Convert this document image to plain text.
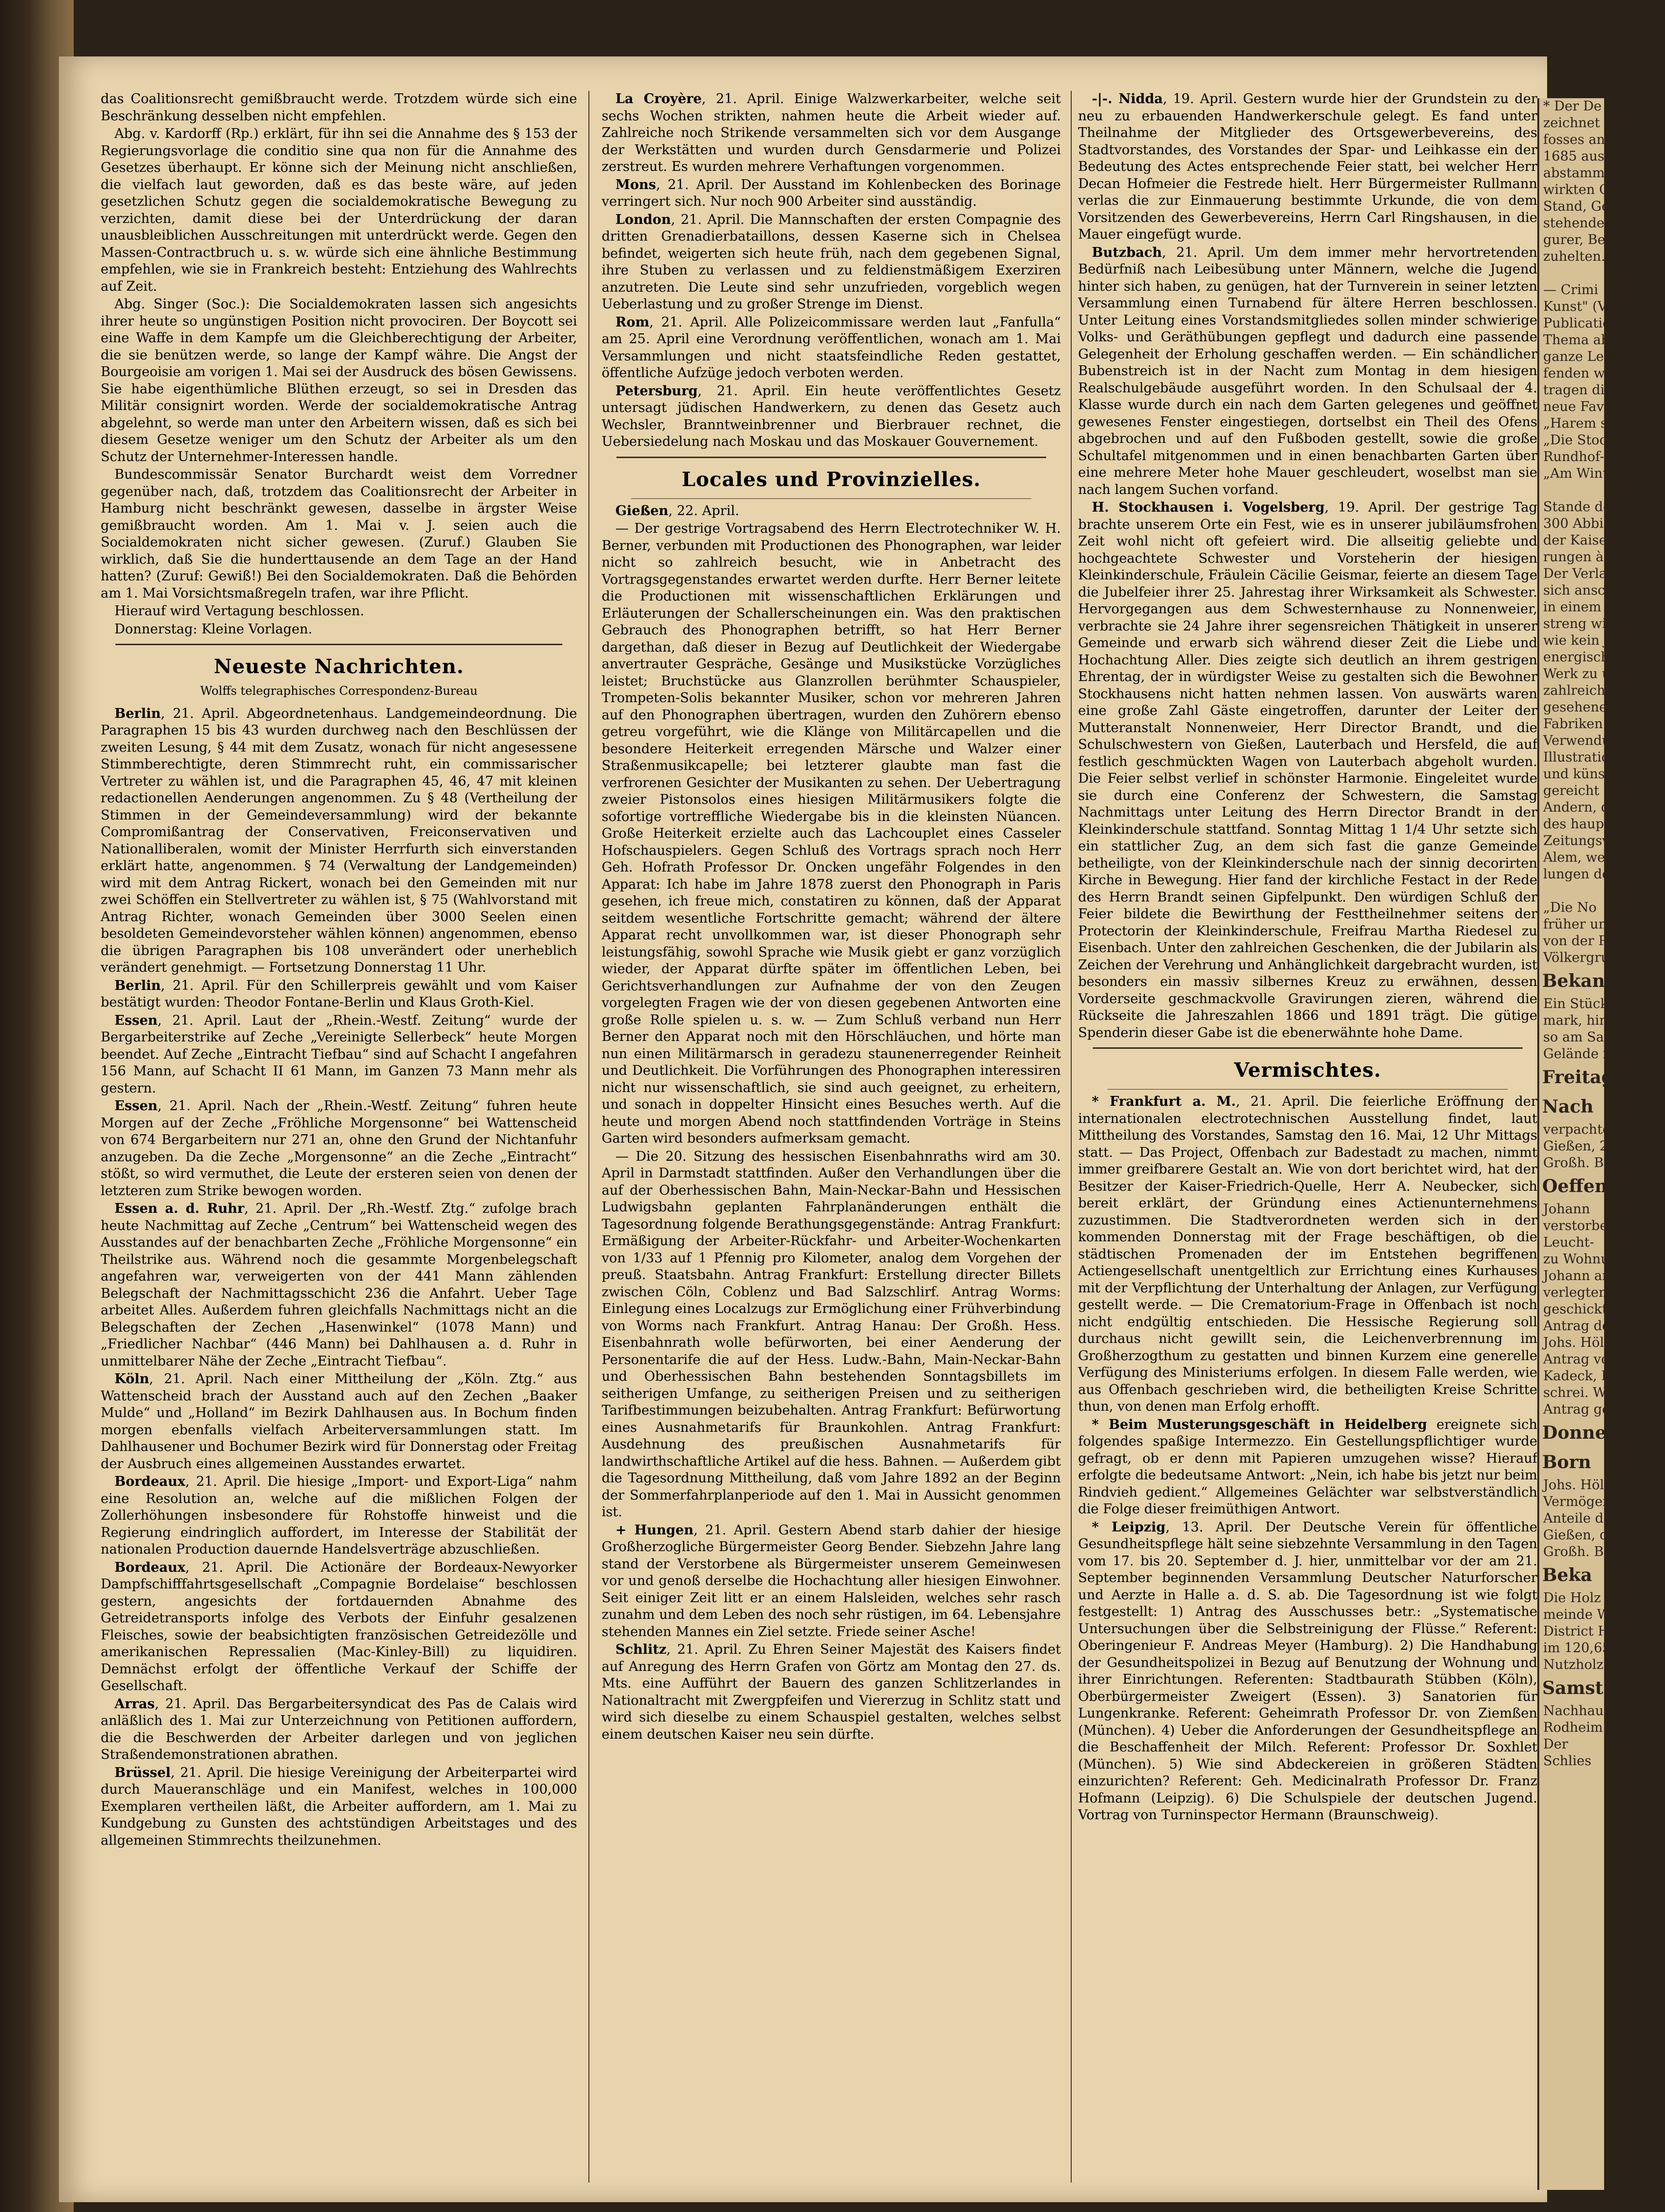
das Coalitionsrecht gemißbraucht werde. Trotzdem würde sich eine Beschränkung desselben nicht empfehlen.

Abg. v. Kardorff (Rp.) erklärt, für ihn sei die Annahme des § 153 der Regierungsvorlage die conditio sine qua non für die Annahme des Gesetzes überhaupt. Er könne sich der Meinung nicht anschließen, die vielfach laut geworden, daß es das beste wäre, auf jeden gesetzlichen Schutz gegen die socialdemokratische Bewegung zu verzichten, damit diese bei der Unterdrückung der daran unausbleiblichen Ausschreitungen mit unterdrückt werde. Gegen den Massen-Contractbruch u. s. w. würde sich eine ähnliche Bestimmung empfehlen, wie sie in Frankreich besteht: Entziehung des Wahlrechts auf Zeit.

Abg. Singer (Soc.): Die Socialdemokraten lassen sich angesichts ihrer heute so ungünstigen Position nicht provociren. Der Boycott sei eine Waffe in dem Kampfe um die Gleichberechtigung der Arbeiter, die sie benützen werde, so lange der Kampf währe. Die Angst der Bourgeoisie am vorigen 1. Mai sei der Ausdruck des bösen Gewissens. Sie habe eigenthümliche Blüthen erzeugt, so sei in Dresden das Militär consignirt worden. Werde der socialdemokratische Antrag abgelehnt, so werde man unter den Arbeitern wissen, daß es sich bei diesem Gesetze weniger um den Schutz der Arbeiter als um den Schutz der Unternehmer-Interessen handle.

Bundescommissär Senator Burchardt weist dem Vorredner gegenüber nach, daß, trotzdem das Coalitionsrecht der Arbeiter in Hamburg nicht beschränkt gewesen, dasselbe in ärgster Weise gemißbraucht worden. Am 1. Mai v. J. seien auch die Socialdemokraten nicht sicher gewesen. (Zuruf.) Glauben Sie wirklich, daß Sie die hunderttausende an dem Tage an der Hand hatten? (Zuruf: Gewiß!) Bei den Socialdemokraten. Daß die Behörden am 1. Mai Vorsichtsmaßregeln trafen, war ihre Pflicht.

Hierauf wird Vertagung beschlossen.

Donnerstag: Kleine Vorlagen.

Neueste Nachrichten.
Wolffs telegraphisches Correspondenz-Bureau

Berlin, 21. April. Abgeordnetenhaus. Landgemeindeordnung. Die Paragraphen 15 bis 43 wurden durchweg nach den Beschlüssen der zweiten Lesung, § 44 mit dem Zusatz, wonach für nicht angesessene Stimmberechtigte, deren Stimmrecht ruht, ein commissarischer Vertreter zu wählen ist, und die Paragraphen 45, 46, 47 mit kleinen redactionellen Aenderungen angenommen. Zu § 48 (Vertheilung der Stimmen in der Gemeindeversammlung) wird der bekannte Compromißantrag der Conservativen, Freiconservativen und Nationalliberalen, womit der Minister Herrfurth sich einverstanden erklärt hatte, angenommen. § 74 (Verwaltung der Landgemeinden) wird mit dem Antrag Rickert, wonach bei den Gemeinden mit nur zwei Schöffen ein Stellvertreter zu wählen ist, § 75 (Wahlvorstand mit Antrag Richter, wonach Gemeinden über 3000 Seelen einen besoldeten Gemeindevorsteher wählen können) angenommen, ebenso die übrigen Paragraphen bis 108 unverändert oder unerheblich verändert genehmigt. — Fortsetzung Donnerstag 11 Uhr.

Berlin, 21. April. Für den Schillerpreis gewählt und vom Kaiser bestätigt wurden: Theodor Fontane-Berlin und Klaus Groth-Kiel.

Essen, 21. April. Laut der „Rhein.-Westf. Zeitung“ wurde der Bergarbeiterstrike auf Zeche „Vereinigte Sellerbeck“ heute Morgen beendet. Auf Zeche „Eintracht Tiefbau“ sind auf Schacht I angefahren 156 Mann, auf Schacht II 61 Mann, im Ganzen 73 Mann mehr als gestern.

Essen, 21. April. Nach der „Rhein.-Westf. Zeitung“ fuhren heute Morgen auf der Zeche „Fröhliche Morgensonne“ bei Wattenscheid von 674 Bergarbeitern nur 271 an, ohne den Grund der Nichtanfuhr anzugeben. Da die Zeche „Morgensonne“ an die Zeche „Eintracht“ stößt, so wird vermuthet, die Leute der ersteren seien von denen der letzteren zum Strike bewogen worden.

Essen a. d. Ruhr, 21. April. Der „Rh.-Westf. Ztg.“ zufolge brach heute Nachmittag auf Zeche „Centrum“ bei Wattenscheid wegen des Ausstandes auf der benachbarten Zeche „Fröhliche Morgensonne“ ein Theilstrike aus. Während noch die gesammte Morgenbelegschaft angefahren war, verweigerten von der 441 Mann zählenden Belegschaft der Nachmittagsschicht 236 die Anfahrt. Ueber Tage arbeitet Alles. Außerdem fuhren gleichfalls Nachmittags nicht an die Belegschaften der Zechen „Hasenwinkel“ (1078 Mann) und „Friedlicher Nachbar“ (446 Mann) bei Dahlhausen a. d. Ruhr in unmittelbarer Nähe der Zeche „Eintracht Tiefbau“.

Köln, 21. April. Nach einer Mittheilung der „Köln. Ztg.“ aus Wattenscheid brach der Ausstand auch auf den Zechen „Baaker Mulde“ und „Holland“ im Bezirk Dahlhausen aus. In Bochum finden morgen ebenfalls vielfach Arbeiterversammlungen statt. Im Dahlhausener und Bochumer Bezirk wird für Donnerstag oder Freitag der Ausbruch eines allgemeinen Ausstandes erwartet.

Bordeaux, 21. April. Die hiesige „Import- und Export-Liga“ nahm eine Resolution an, welche auf die mißlichen Folgen der Zollerhöhungen insbesondere für Rohstoffe hinweist und die Regierung eindringlich auffordert, im Interesse der Stabilität der nationalen Production dauernde Handelsverträge abzuschließen.

Bordeaux, 21. April. Die Actionäre der Bordeaux-Newyorker Dampfschifffahrtsgesellschaft „Compagnie Bordelaise“ beschlossen gestern, angesichts der fortdauernden Abnahme des Getreidetransports infolge des Verbots der Einfuhr gesalzenen Fleisches, sowie der beabsichtigten französischen Getreidezölle und amerikanischen Repressalien (Mac-Kinley-Bill) zu liquidiren. Demnächst erfolgt der öffentliche Verkauf der Schiffe der Gesellschaft.

Arras, 21. April. Das Bergarbeitersyndicat des Pas de Calais wird anläßlich des 1. Mai zur Unterzeichnung von Petitionen auffordern, die die Beschwerden der Arbeiter darlegen und von jeglichen Straßendemonstrationen abrathen.

Brüssel, 21. April. Die hiesige Vereinigung der Arbeiterpartei wird durch Maueranschläge und ein Manifest, welches in 100,000 Exemplaren vertheilen läßt, die Arbeiter auffordern, am 1. Mai zu Kundgebung zu Gunsten des achtstündigen Arbeitstages und des allgemeinen Stimmrechts theilzunehmen.

La Croyère, 21. April. Einige Walzwerkarbeiter, welche seit sechs Wochen strikten, nahmen heute die Arbeit wieder auf. Zahlreiche noch Strikende versammelten sich vor dem Ausgange der Werkstätten und wurden durch Gensdarmerie und Polizei zerstreut. Es wurden mehrere Verhaftungen vorgenommen.

Mons, 21. April. Der Ausstand im Kohlenbecken des Borinage verringert sich. Nur noch 900 Arbeiter sind ausständig.

London, 21. April. Die Mannschaften der ersten Compagnie des dritten Grenadierbataillons, dessen Kaserne sich in Chelsea befindet, weigerten sich heute früh, nach dem gegebenen Signal, ihre Stuben zu verlassen und zu feldienstmäßigem Exerziren anzutreten. Die Leute sind sehr unzufrieden, vorgeblich wegen Ueberlastung und zu großer Strenge im Dienst.

Rom, 21. April. Alle Polizeicommissare werden laut „Fanfulla“ am 25. April eine Verordnung veröffentlichen, wonach am 1. Mai Versammlungen und nicht staatsfeindliche Reden gestattet, öffentliche Aufzüge jedoch verboten werden.

Petersburg, 21. April. Ein heute veröffentlichtes Gesetz untersagt jüdischen Handwerkern, zu denen das Gesetz auch Wechsler, Branntweinbrenner und Bierbrauer rechnet, die Uebersiedelung nach Moskau und das Moskauer Gouvernement.

Locales und Provinzielles.

Gießen, 22. April.

— Der gestrige Vortragsabend des Herrn Electrotechniker W. H. Berner, verbunden mit Productionen des Phonographen, war leider nicht so zahlreich besucht, wie in Anbetracht des Vortragsgegenstandes erwartet werden durfte. Herr Berner leitete die Productionen mit wissenschaftlichen Erklärungen und Erläuterungen der Schallerscheinungen ein. Was den praktischen Gebrauch des Phonographen betrifft, so hat Herr Berner dargethan, daß dieser in Bezug auf Deutlichkeit der Wiedergabe anvertrauter Gespräche, Gesänge und Musikstücke Vorzügliches leistet; Bruchstücke aus Glanzrollen berühmter Schauspieler, Trompeten-Solis bekannter Musiker, schon vor mehreren Jahren auf den Phonographen übertragen, wurden den Zuhörern ebenso getreu vorgeführt, wie die Klänge von Militärcapellen und die besondere Heiterkeit erregenden Märsche und Walzer einer Straßenmusikcapelle; bei letzterer glaubte man fast die verfrorenen Gesichter der Musikanten zu sehen. Der Uebertragung zweier Pistonsolos eines hiesigen Militärmusikers folgte die sofortige vortreffliche Wiedergabe bis in die kleinsten Nüancen. Große Heiterkeit erzielte auch das Lachcouplet eines Casseler Hofschauspielers. Gegen Schluß des Vortrags sprach noch Herr Geh. Hofrath Professor Dr. Oncken ungefähr Folgendes in den Apparat: Ich habe im Jahre 1878 zuerst den Phonograph in Paris gesehen, ich freue mich, constatiren zu können, daß der Apparat seitdem wesentliche Fortschritte gemacht; während der ältere Apparat recht unvollkommen war, ist dieser Phonograph sehr leistungsfähig, sowohl Sprache wie Musik giebt er ganz vorzüglich wieder, der Apparat dürfte später im öffentlichen Leben, bei Gerichtsverhandlungen zur Aufnahme der von den Zeugen vorgelegten Fragen wie der von diesen gegebenen Antworten eine große Rolle spielen u. s. w. — Zum Schluß verband nun Herr Berner den Apparat noch mit den Hörschläuchen, und hörte man nun einen Militärmarsch in geradezu staunenerregender Reinheit und Deutlichkeit. Die Vorführungen des Phonographen interessiren nicht nur wissenschaftlich, sie sind auch geeignet, zu erheitern, und sonach in doppelter Hinsicht eines Besuches werth. Auf die heute und morgen Abend noch stattfindenden Vorträge in Steins Garten wird besonders aufmerksam gemacht.

— Die 20. Sitzung des hessischen Eisenbahnraths wird am 30. April in Darmstadt stattfinden. Außer den Verhandlungen über die auf der Oberhessischen Bahn, Main-Neckar-Bahn und Hessischen Ludwigsbahn geplanten Fahrplanänderungen enthält die Tagesordnung folgende Berathungsgegenstände: Antrag Frankfurt: Ermäßigung der Arbeiter-Rückfahr- und Arbeiter-Wochenkarten von 1/33 auf 1 Pfennig pro Kilometer, analog dem Vorgehen der preuß. Staatsbahn. Antrag Frankfurt: Erstellung directer Billets zwischen Cöln, Coblenz und Bad Salzschlirf. Antrag Worms: Einlegung eines Localzugs zur Ermöglichung einer Frühverbindung von Worms nach Frankfurt. Antrag Hanau: Der Großh. Hess. Eisenbahnrath wolle befürworten, bei einer Aenderung der Personentarife die auf der Hess. Ludw.-Bahn, Main-Neckar-Bahn und Oberhessischen Bahn bestehenden Sonntagsbillets im seitherigen Umfange, zu seitherigen Preisen und zu seitherigen Tarifbestimmungen beizubehalten. Antrag Frankfurt: Befürwortung eines Ausnahmetarifs für Braunkohlen. Antrag Frankfurt: Ausdehnung des preußischen Ausnahmetarifs für landwirthschaftliche Artikel auf die hess. Bahnen. — Außerdem gibt die Tagesordnung Mittheilung, daß vom Jahre 1892 an der Beginn der Sommerfahrplanperiode auf den 1. Mai in Aussicht genommen ist.

+ Hungen, 21. April. Gestern Abend starb dahier der hiesige Großherzogliche Bürgermeister Georg Bender. Siebzehn Jahre lang stand der Verstorbene als Bürgermeister unserem Gemeinwesen vor und genoß derselbe die Hochachtung aller hiesigen Einwohner. Seit einiger Zeit litt er an einem Halsleiden, welches sehr rasch zunahm und dem Leben des noch sehr rüstigen, im 64. Lebensjahre stehenden Mannes ein Ziel setzte. Friede seiner Asche!

Schlitz, 21. April. Zu Ehren Seiner Majestät des Kaisers findet auf Anregung des Herrn Grafen von Görtz am Montag den 27. ds. Mts. eine Aufführt der Bauern des ganzen Schlitzerlandes in Nationaltracht mit Zwergpfeifen und Viererzug in Schlitz statt und wird sich dieselbe zu einem Schauspiel gestalten, welches selbst einem deutschen Kaiser neu sein dürfte.

-|-. Nidda, 19. April. Gestern wurde hier der Grundstein zu der neu zu erbauenden Handwerkerschule gelegt. Es fand unter Theilnahme der Mitglieder des Ortsgewerbevereins, des Stadtvorstandes, des Vorstandes der Spar- und Leihkasse ein der Bedeutung des Actes entsprechende Feier statt, bei welcher Herr Decan Hofmeier die Festrede hielt. Herr Bürgermeister Rullmann verlas die zur Einmauerung bestimmte Urkunde, die von dem Vorsitzenden des Gewerbevereins, Herrn Carl Ringshausen, in die Mauer eingefügt wurde.

Butzbach, 21. April. Um dem immer mehr hervortretenden Bedürfniß nach Leibesübung unter Männern, welche die Jugend hinter sich haben, zu genügen, hat der Turnverein in seiner letzten Versammlung einen Turnabend für ältere Herren beschlossen. Unter Leitung eines Vorstandsmitgliedes sollen minder schwierige Volks- und Geräthübungen gepflegt und dadurch eine passende Gelegenheit der Erholung geschaffen werden. — Ein schändlicher Bubenstreich ist in der Nacht zum Montag in dem hiesigen Realschulgebäude ausgeführt worden. In den Schulsaal der 4. Klasse wurde durch ein nach dem Garten gelegenes und geöffnet gewesenes Fenster eingestiegen, dortselbst ein Theil des Ofens abgebrochen und auf den Fußboden gestellt, sowie die große Schultafel mitgenommen und in einen benachbarten Garten über eine mehrere Meter hohe Mauer geschleudert, woselbst man sie nach langem Suchen vorfand.

H. Stockhausen i. Vogelsberg, 19. April. Der gestrige Tag brachte unserem Orte ein Fest, wie es in unserer jubiläumsfrohen Zeit wohl nicht oft gefeiert wird. Die allseitig geliebte und hochgeachtete Schwester und Vorsteherin der hiesigen Kleinkinderschule, Fräulein Cäcilie Geismar, feierte an diesem Tage die Jubelfeier ihrer 25. Jahrestag ihrer Wirksamkeit als Schwester. Hervorgegangen aus dem Schwesternhause zu Nonnenweier, verbrachte sie 24 Jahre ihrer segensreichen Thätigkeit in unserer Gemeinde und erwarb sich während dieser Zeit die Liebe und Hochachtung Aller. Dies zeigte sich deutlich an ihrem gestrigen Ehrentag, der in würdigster Weise zu gestalten sich die Bewohner Stockhausens nicht hatten nehmen lassen. Von auswärts waren eine große Zahl Gäste eingetroffen, darunter der Leiter der Mutteranstalt Nonnenweier, Herr Director Brandt, und die Schulschwestern von Gießen, Lauterbach und Hersfeld, die auf festlich geschmückten Wagen von Lauterbach abgeholt wurden. Die Feier selbst verlief in schönster Harmonie. Eingeleitet wurde sie durch eine Conferenz der Schwestern, die Samstag Nachmittags unter Leitung des Herrn Director Brandt in der Kleinkinderschule stattfand. Sonntag Mittag 1 1/4 Uhr setzte sich ein stattlicher Zug, an dem sich fast die ganze Gemeinde betheiligte, von der Kleinkinderschule nach der sinnig decorirten Kirche in Bewegung. Hier fand der kirchliche Festact in der Rede des Herrn Brandt seinen Gipfelpunkt. Den würdigen Schluß der Feier bildete die Bewirthung der Festtheilnehmer seitens der Protectorin der Kleinkinderschule, Freifrau Martha Riedesel zu Eisenbach. Unter den zahlreichen Geschenken, die der Jubilarin als Zeichen der Verehrung und Anhänglichkeit dargebracht wurden, ist besonders ein massiv silbernes Kreuz zu erwähnen, dessen Vorderseite geschmackvolle Gravirungen zieren, während die Rückseite die Jahreszahlen 1866 und 1891 trägt. Die gütige Spenderin dieser Gabe ist die ebenerwähnte hohe Dame.

Vermischtes.

* Frankfurt a. M., 21. April. Die feierliche Eröffnung der internationalen electrotechnischen Ausstellung findet, laut Mittheilung des Vorstandes, Samstag den 16. Mai, 12 Uhr Mittags statt. — Das Project, Offenbach zur Badestadt zu machen, nimmt immer greifbarere Gestalt an. Wie von dort berichtet wird, hat der Besitzer der Kaiser-Friedrich-Quelle, Herr A. Neubecker, sich bereit erklärt, der Gründung eines Actienunternehmens zuzustimmen. Die Stadtverordneten werden sich in der kommenden Donnerstag mit der Frage beschäftigen, ob die städtischen Promenaden der im Entstehen begriffenen Actiengesellschaft unentgeltlich zur Errichtung eines Kurhauses mit der Verpflichtung der Unterhaltung der Anlagen, zur Verfügung gestellt werde. — Die Crematorium-Frage in Offenbach ist noch nicht endgültig entschieden. Die Hessische Regierung soll durchaus nicht gewillt sein, die Leichenverbrennung im Großherzogthum zu gestatten und binnen Kurzem eine generelle Verfügung des Ministeriums erfolgen. In diesem Falle werden, wie aus Offenbach geschrieben wird, die betheiligten Kreise Schritte thun, von denen man Erfolg erhofft.

* Beim Musterungsgeschäft in Heidelberg ereignete sich folgendes spaßige Intermezzo. Ein Gestellungspflichtiger wurde gefragt, ob er denn mit Papieren umzugehen wisse? Hierauf erfolgte die bedeutsame Antwort: „Nein, ich habe bis jetzt nur beim Rindvieh gedient.“ Allgemeines Gelächter war selbstverständlich die Folge dieser freimüthigen Antwort.

* Leipzig, 13. April. Der Deutsche Verein für öffentliche Gesundheitspflege hält seine siebzehnte Versammlung in den Tagen vom 17. bis 20. September d. J. hier, unmittelbar vor der am 21. September beginnenden Versammlung Deutscher Naturforscher und Aerzte in Halle a. d. S. ab. Die Tagesordnung ist wie folgt festgestellt: 1) Antrag des Ausschusses betr.: „Systematische Untersuchungen über die Selbstreinigung der Flüsse.“ Referent: Oberingenieur F. Andreas Meyer (Hamburg). 2) Die Handhabung der Gesundheitspolizei in Bezug auf Benutzung der Wohnung und ihrer Einrichtungen. Referenten: Stadtbaurath Stübben (Köln), Oberbürgermeister Zweigert (Essen). 3) Sanatorien für Lungenkranke. Referent: Geheimrath Professor Dr. von Ziemßen (München). 4) Ueber die Anforderungen der Gesundheitspflege an die Beschaffenheit der Milch. Referent: Professor Dr. Soxhlet (München). 5) Wie sind Abdeckereien in größeren Städten einzurichten? Referent: Geh. Medicinalrath Professor Dr. Franz Hofmann (Leipzig). 6) Die Schulspiele der deutschen Jugend. Vortrag von Turninspector Hermann (Braunschweig).

* Der De
zeichnet alle
fosses anzulegen
1685 aus Frank
abstammenden
wirkten Gemein
Stand, Gebur
stehenden des
gurer, Berlin
zuhelten.

— Crimi
Kunst" (Verl
Publication des
Thema abhandl
ganze Leitholsche
fenden wir Ker
tragen die Namen
neue Favoritin
„Harem stochsch
„Die Stochsch
Rundhof-Artikel,
„Am Winter in

Stande der W
300 Abbildung
der Kaiserl. H
rungen à 50 P
Der Verlag
sich anschicke,
in einem groß
streng wissensch
wie kein jun
energischem E
Werk zu unt
zahlreichen Fr
gesehenen Weis
Fabriken der
Verwendung
Illustrationen
und künstliche
gereicht zu ma
Andern, die
des hauptsächl
Zeitungsverdie
Alem, welche
lungen der Ge

„Die No
früher ungebe
von der Pflicht
Völkergruppe.
Bekan
Ein Stück
mark, hinter
so am Sau
Gelände in
Freitag
Nach
verpachtet
Gießen, 2
Großh. Bür
Oeffen
Johann
verstorbenen
Leucht-
zu Wohnu
Johann an
verlegten S
geschickt vo
Antrag des
Johs. Hölz
Antrag von
Kadeck, Pe
schrei. Wöh
Antrag ge
Donnerst
Born
Johs. Hölz
Vermögen
Anteile des
Gießen, d
Großh. Bür
Beka
Die Holz
meinde Wald
District Ha
im 120,65
Nutzholz
Samst
Nachhaus
Rodheim
Der
Schlies
